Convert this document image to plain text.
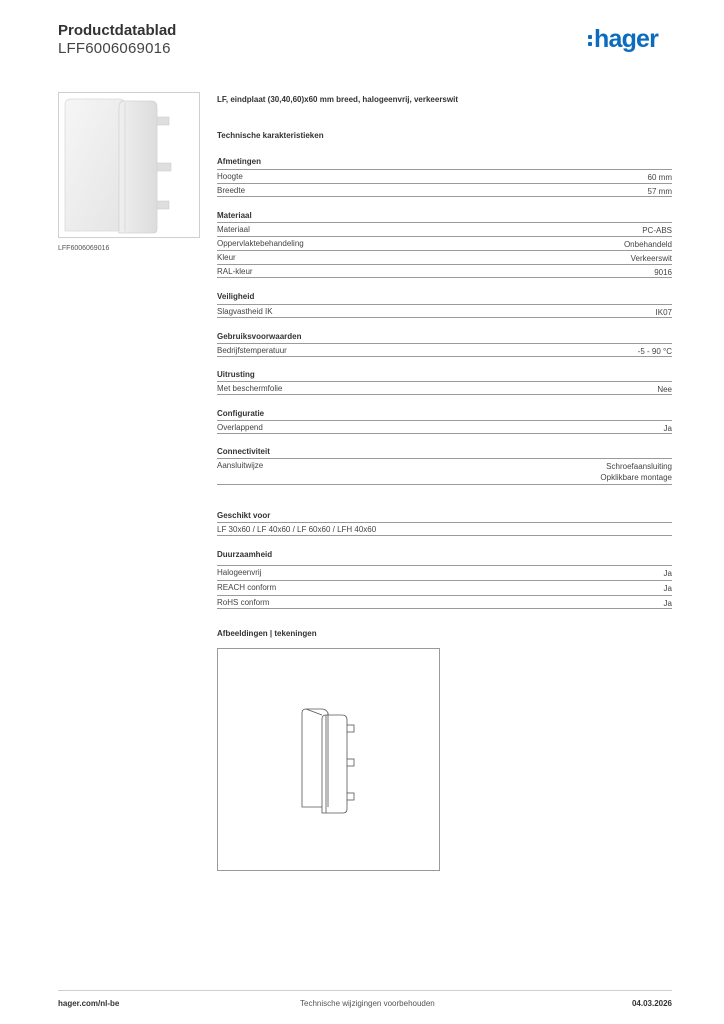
Productdatablad
LFF6006069016	hager
LFF6006069016
LF, eindplaat (30,40,60)x60 mm breed, halogeenvrij, verkeerswit
Technische karakteristieken
Afmetingen
Hoogte	60 mm
Breedte	57 mm
Materiaal
Materiaal	PC-ABS
Oppervlaktebehandeling	Onbehandeld
Kleur	Verkeerswit
RAL-kleur	9016
Veiligheid
Slagvastheid IK	IK07
Gebruiksvoorwaarden
Bedrijfstemperatuur	-5 - 90 °C
Uitrusting
Met beschermfolie	Nee
Configuratie
Overlappend	Ja
Connectiviteit
Aansluitwijze	Schroefaansluiting
Opklikbare montage
Geschikt voor
LF 30x60 / LF 40x60 / LF 60x60 / LFH 40x60
Duurzaamheid
Halogeenvrij	Ja
REACH conform	Ja
RoHS conform	Ja
Afbeeldingen | tekeningen
hager.com/nl-be	Technische wijzigingen voorbehouden	04.03.2026
